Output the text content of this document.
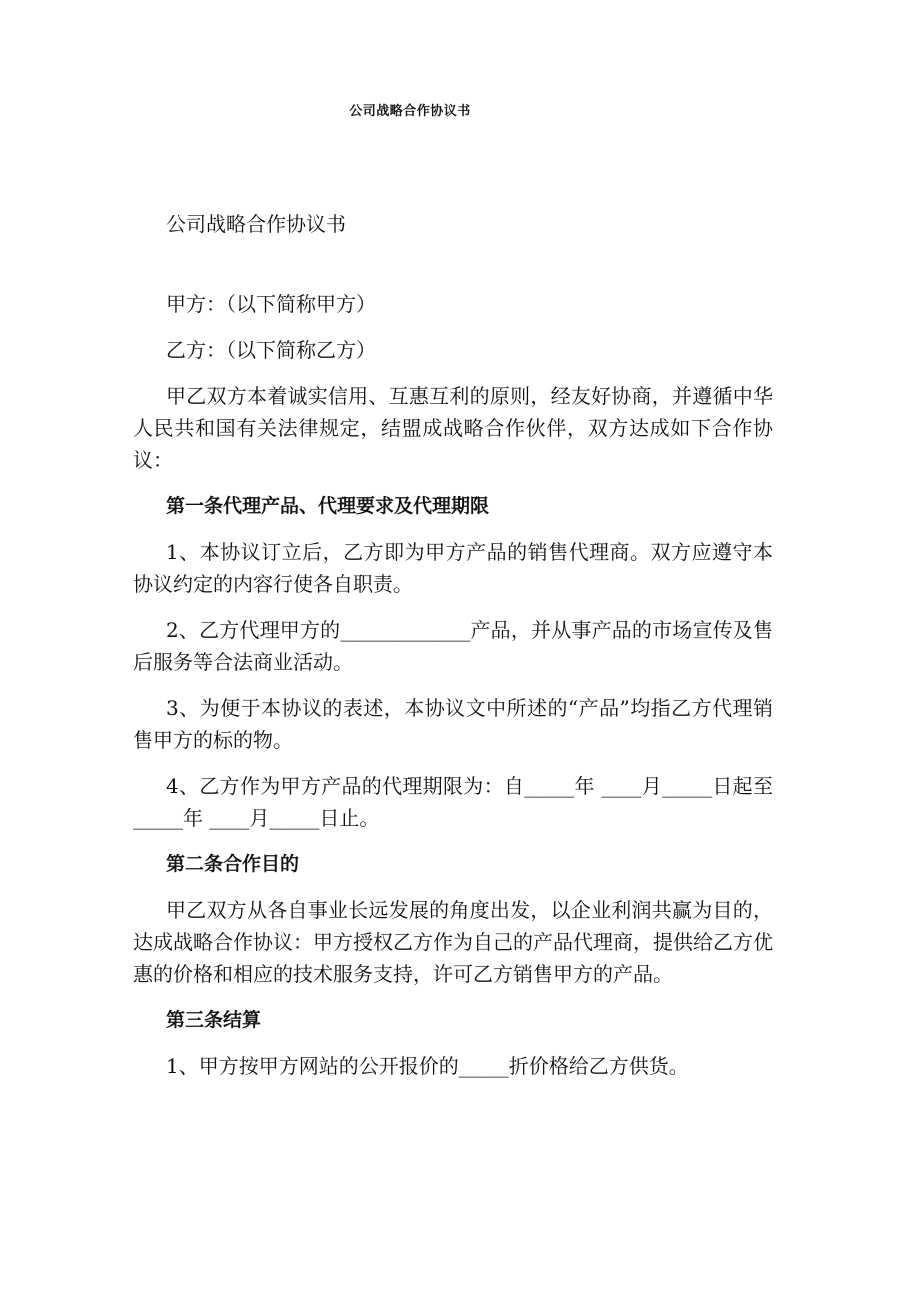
公司战略合作协议书

公司战略合作协议书

甲方：（以下简称甲方）

乙方：（以下简称乙方）

甲乙双方本着诚实信用、互惠互利的原则，经友好协商，并遵循中华人民共和国有关法律规定，结盟成战略合作伙伴，双方达成如下合作协议：

第一条代理产品、代理要求及代理期限

1、本协议订立后，乙方即为甲方产品的销售代理商。双方应遵守本协议约定的内容行使各自职责。

2、乙方代理甲方的_____________产品，并从事产品的市场宣传及售后服务等合法商业活动。

3、为便于本协议的表述，本协议文中所述的“产品”均指乙方代理销售甲方的标的物。

4、乙方作为甲方产品的代理期限为：自_____年 ____月_____日起至_____年 ____月_____日止。

第二条合作目的

甲乙双方从各自事业长远发展的角度出发，以企业利润共赢为目的，达成战略合作协议：甲方授权乙方作为自己的产品代理商，提供给乙方优惠的价格和相应的技术服务支持，许可乙方销售甲方的产品。

第三条结算

1、甲方按甲方网站的公开报价的_____折价格给乙方供货。
